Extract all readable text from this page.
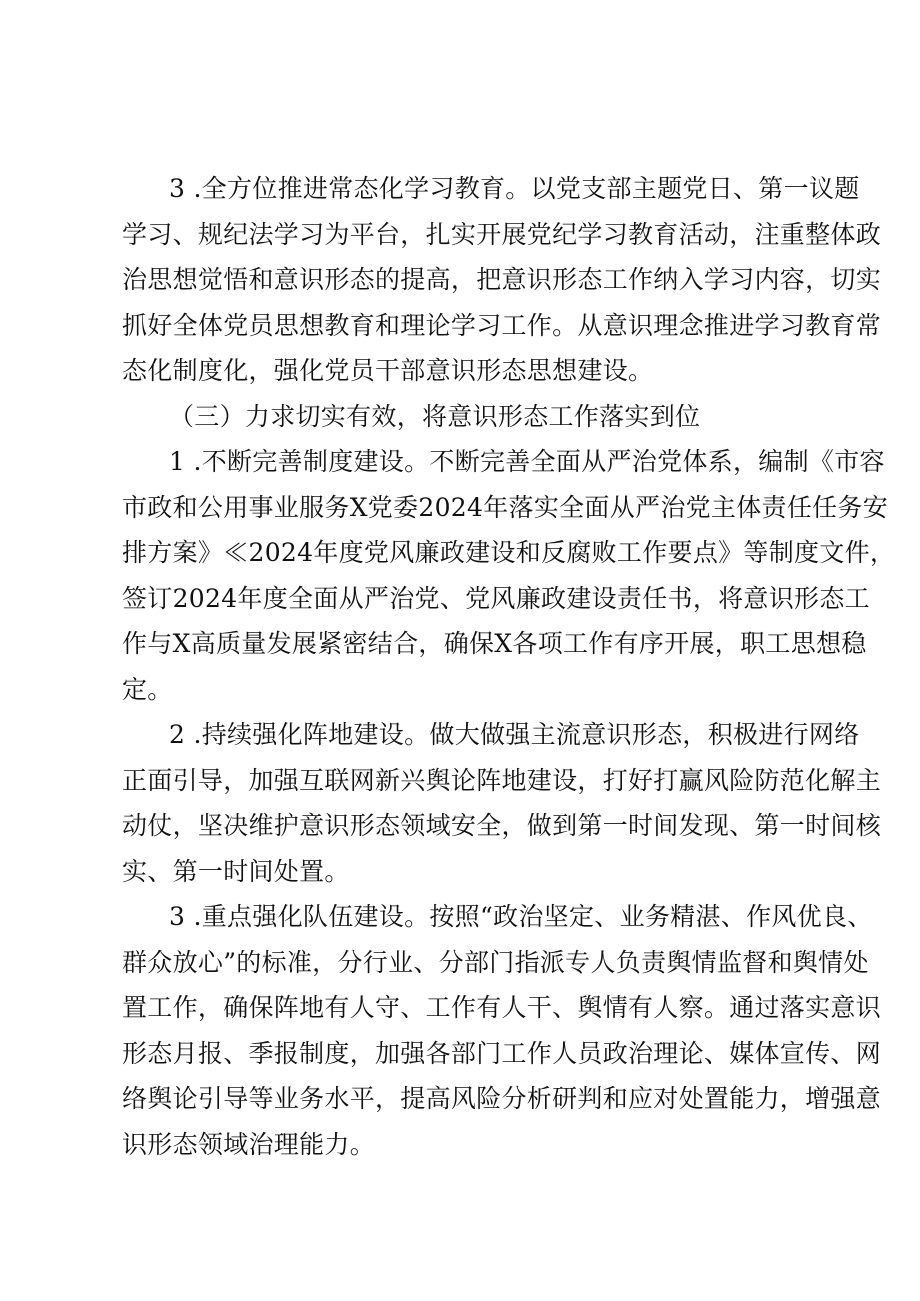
3 .全方位推进常态化学习教育。以党支部主题党日、第一议题
学习、规纪法学习为平台，扎实开展党纪学习教育活动，注重整体政
治思想觉悟和意识形态的提高，把意识形态工作纳入学习内容，切实
抓好全体党员思想教育和理论学习工作。从意识理念推进学习教育常
态化制度化，强化党员干部意识形态思想建设。
（三）力求切实有效，将意识形态工作落实到位
1 .不断完善制度建设。不断完善全面从严治党体系，编制《市容
市政和公用事业服务X党委2024年落实全面从严治党主体责任任务安
排方案》≪2024年度党风廉政建设和反腐败工作要点》等制度文件，
签订2024年度全面从严治党、党风廉政建设责任书，将意识形态工
作与X高质量发展紧密结合，确保X各项工作有序开展，职工思想稳
定。
2 .持续强化阵地建设。做大做强主流意识形态，积极进行网络
正面引导，加强互联网新兴舆论阵地建设，打好打赢风险防范化解主
动仗，坚决维护意识形态领域安全，做到第一时间发现、第一时间核
实、第一时间处置。
3 .重点强化队伍建设。按照“政治坚定、业务精湛、作风优良、
群众放心”的标准，分行业、分部门指派专人负责舆情监督和舆情处
置工作，确保阵地有人守、工作有人干、舆情有人察。通过落实意识
形态月报、季报制度，加强各部门工作人员政治理论、媒体宣传、网
络舆论引导等业务水平，提高风险分析研判和应对处置能力，增强意
识形态领域治理能力。
